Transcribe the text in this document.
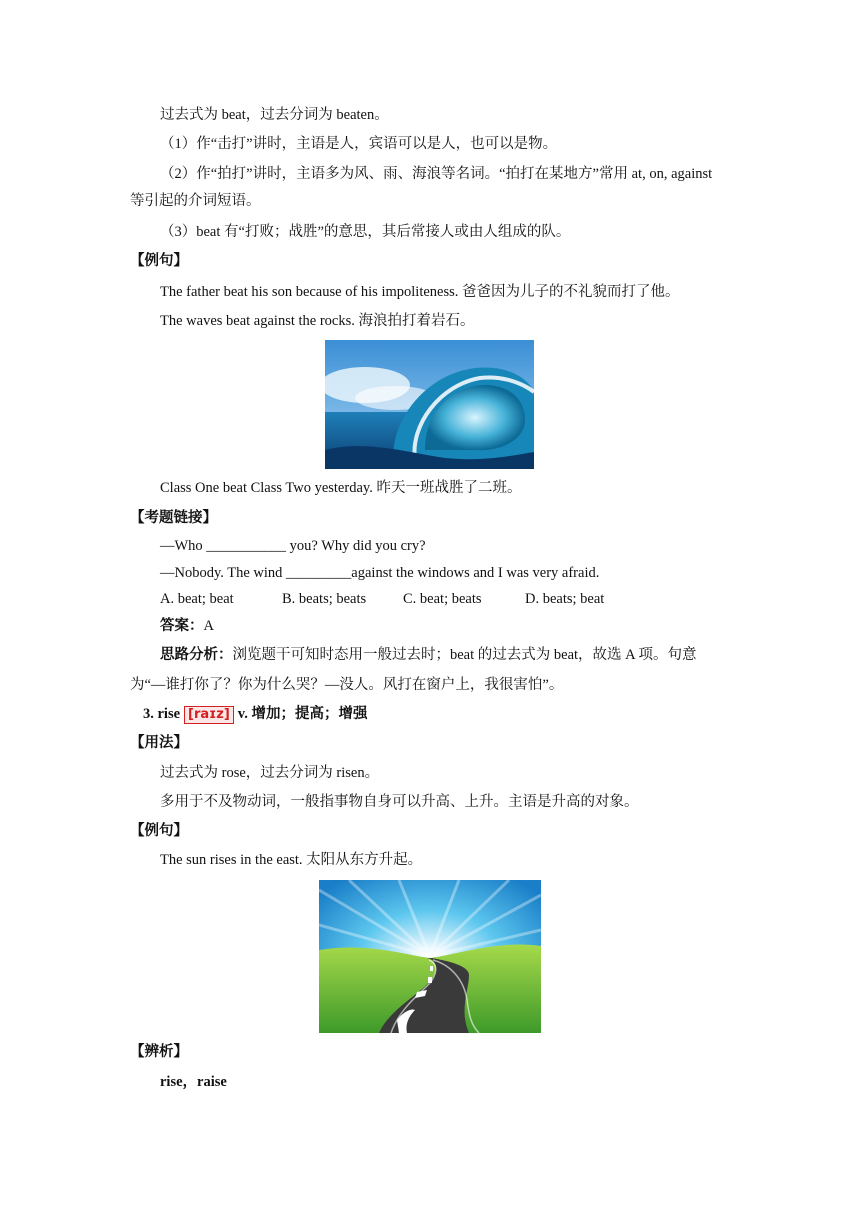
过去式为 beat，过去分词为 beaten。
（1）作“击打”讲时，主语是人，宾语可以是人，也可以是物。
（2）作“拍打”讲时，主语多为风、雨、海浪等名词。“拍打在某地方”常用 at, on, against
等引起的介词短语。
（3）beat 有“打败；战胜”的意思，其后常接人或由人组成的队。
【例句】
The father beat his son because of his impoliteness. 爸爸因为儿子的不礼貌而打了他。
The waves beat against the rocks. 海浪拍打着岩石。
Class One beat Class Two yesterday. 昨天一班战胜了二班。
【考题链接】
—Who ___________ you? Why did you cry?
—Nobody. The wind _________against the windows and I was very afraid.
A. beat; beat	B. beats; beats	C. beat; beats	D. beats; beat
答案：A
思路分析：浏览题干可知时态用一般过去时；beat 的过去式为 beat，故选 A 项。句意
为“—谁打你了？你为什么哭？—没人。风打在窗户上，我很害怕”。
3. rise [raɪz] v. 增加；提高；增强
【用法】
过去式为 rose，过去分词为 risen。
多用于不及物动词，一般指事物自身可以升高、上升。主语是升高的对象。
【例句】
The sun rises in the east. 太阳从东方升起。
【辨析】
rise，raise
